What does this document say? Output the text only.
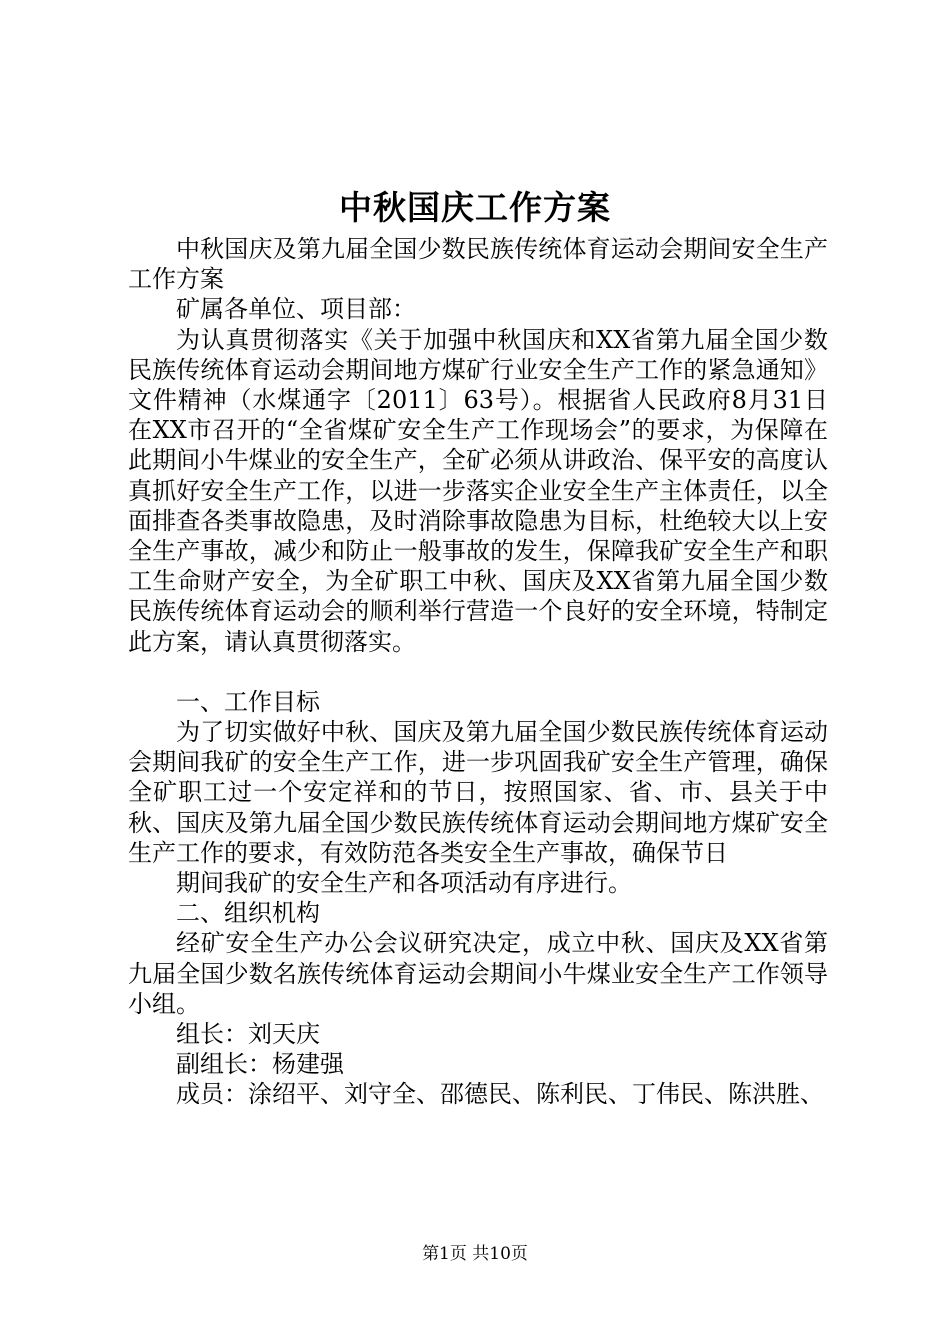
中秋国庆工作方案

中秋国庆及第九届全国少数民族传统体育运动会期间安全生产工作方案

矿属各单位、项目部：

为认真贯彻落实《关于加强中秋国庆和XX省第九届全国少数民族传统体育运动会期间地方煤矿行业安全生产工作的紧急通知》文件精神（水煤通字〔2011〕63号）。根据省人民政府8月31日在XX市召开的“全省煤矿安全生产工作现场会”的要求，为保障在此期间小牛煤业的安全生产，全矿必须从讲政治、保平安的高度认真抓好安全生产工作，以进一步落实企业安全生产主体责任，以全面排查各类事故隐患，及时消除事故隐患为目标，杜绝较大以上安全生产事故，减少和防止一般事故的发生，保障我矿安全生产和职工生命财产安全，为全矿职工中秋、国庆及XX省第九届全国少数民族传统体育运动会的顺利举行营造一个良好的安全环境，特制定此方案，请认真贯彻落实。

一、工作目标

为了切实做好中秋、国庆及第九届全国少数民族传统体育运动会期间我矿的安全生产工作，进一步巩固我矿安全生产管理，确保全矿职工过一个安定祥和的节日，按照国家、省、市、县关于中秋、国庆及第九届全国少数民族传统体育运动会期间地方煤矿安全生产工作的要求，有效防范各类安全生产事故，确保节日

期间我矿的安全生产和各项活动有序进行。

二、组织机构

经矿安全生产办公会议研究决定，成立中秋、国庆及XX省第九届全国少数名族传统体育运动会期间小牛煤业安全生产工作领导小组。

组长：刘天庆

副组长：杨建强

成员：涂绍平、刘守全、邵德民、陈利民、丁伟民、陈洪胜、

第1页 共10页
